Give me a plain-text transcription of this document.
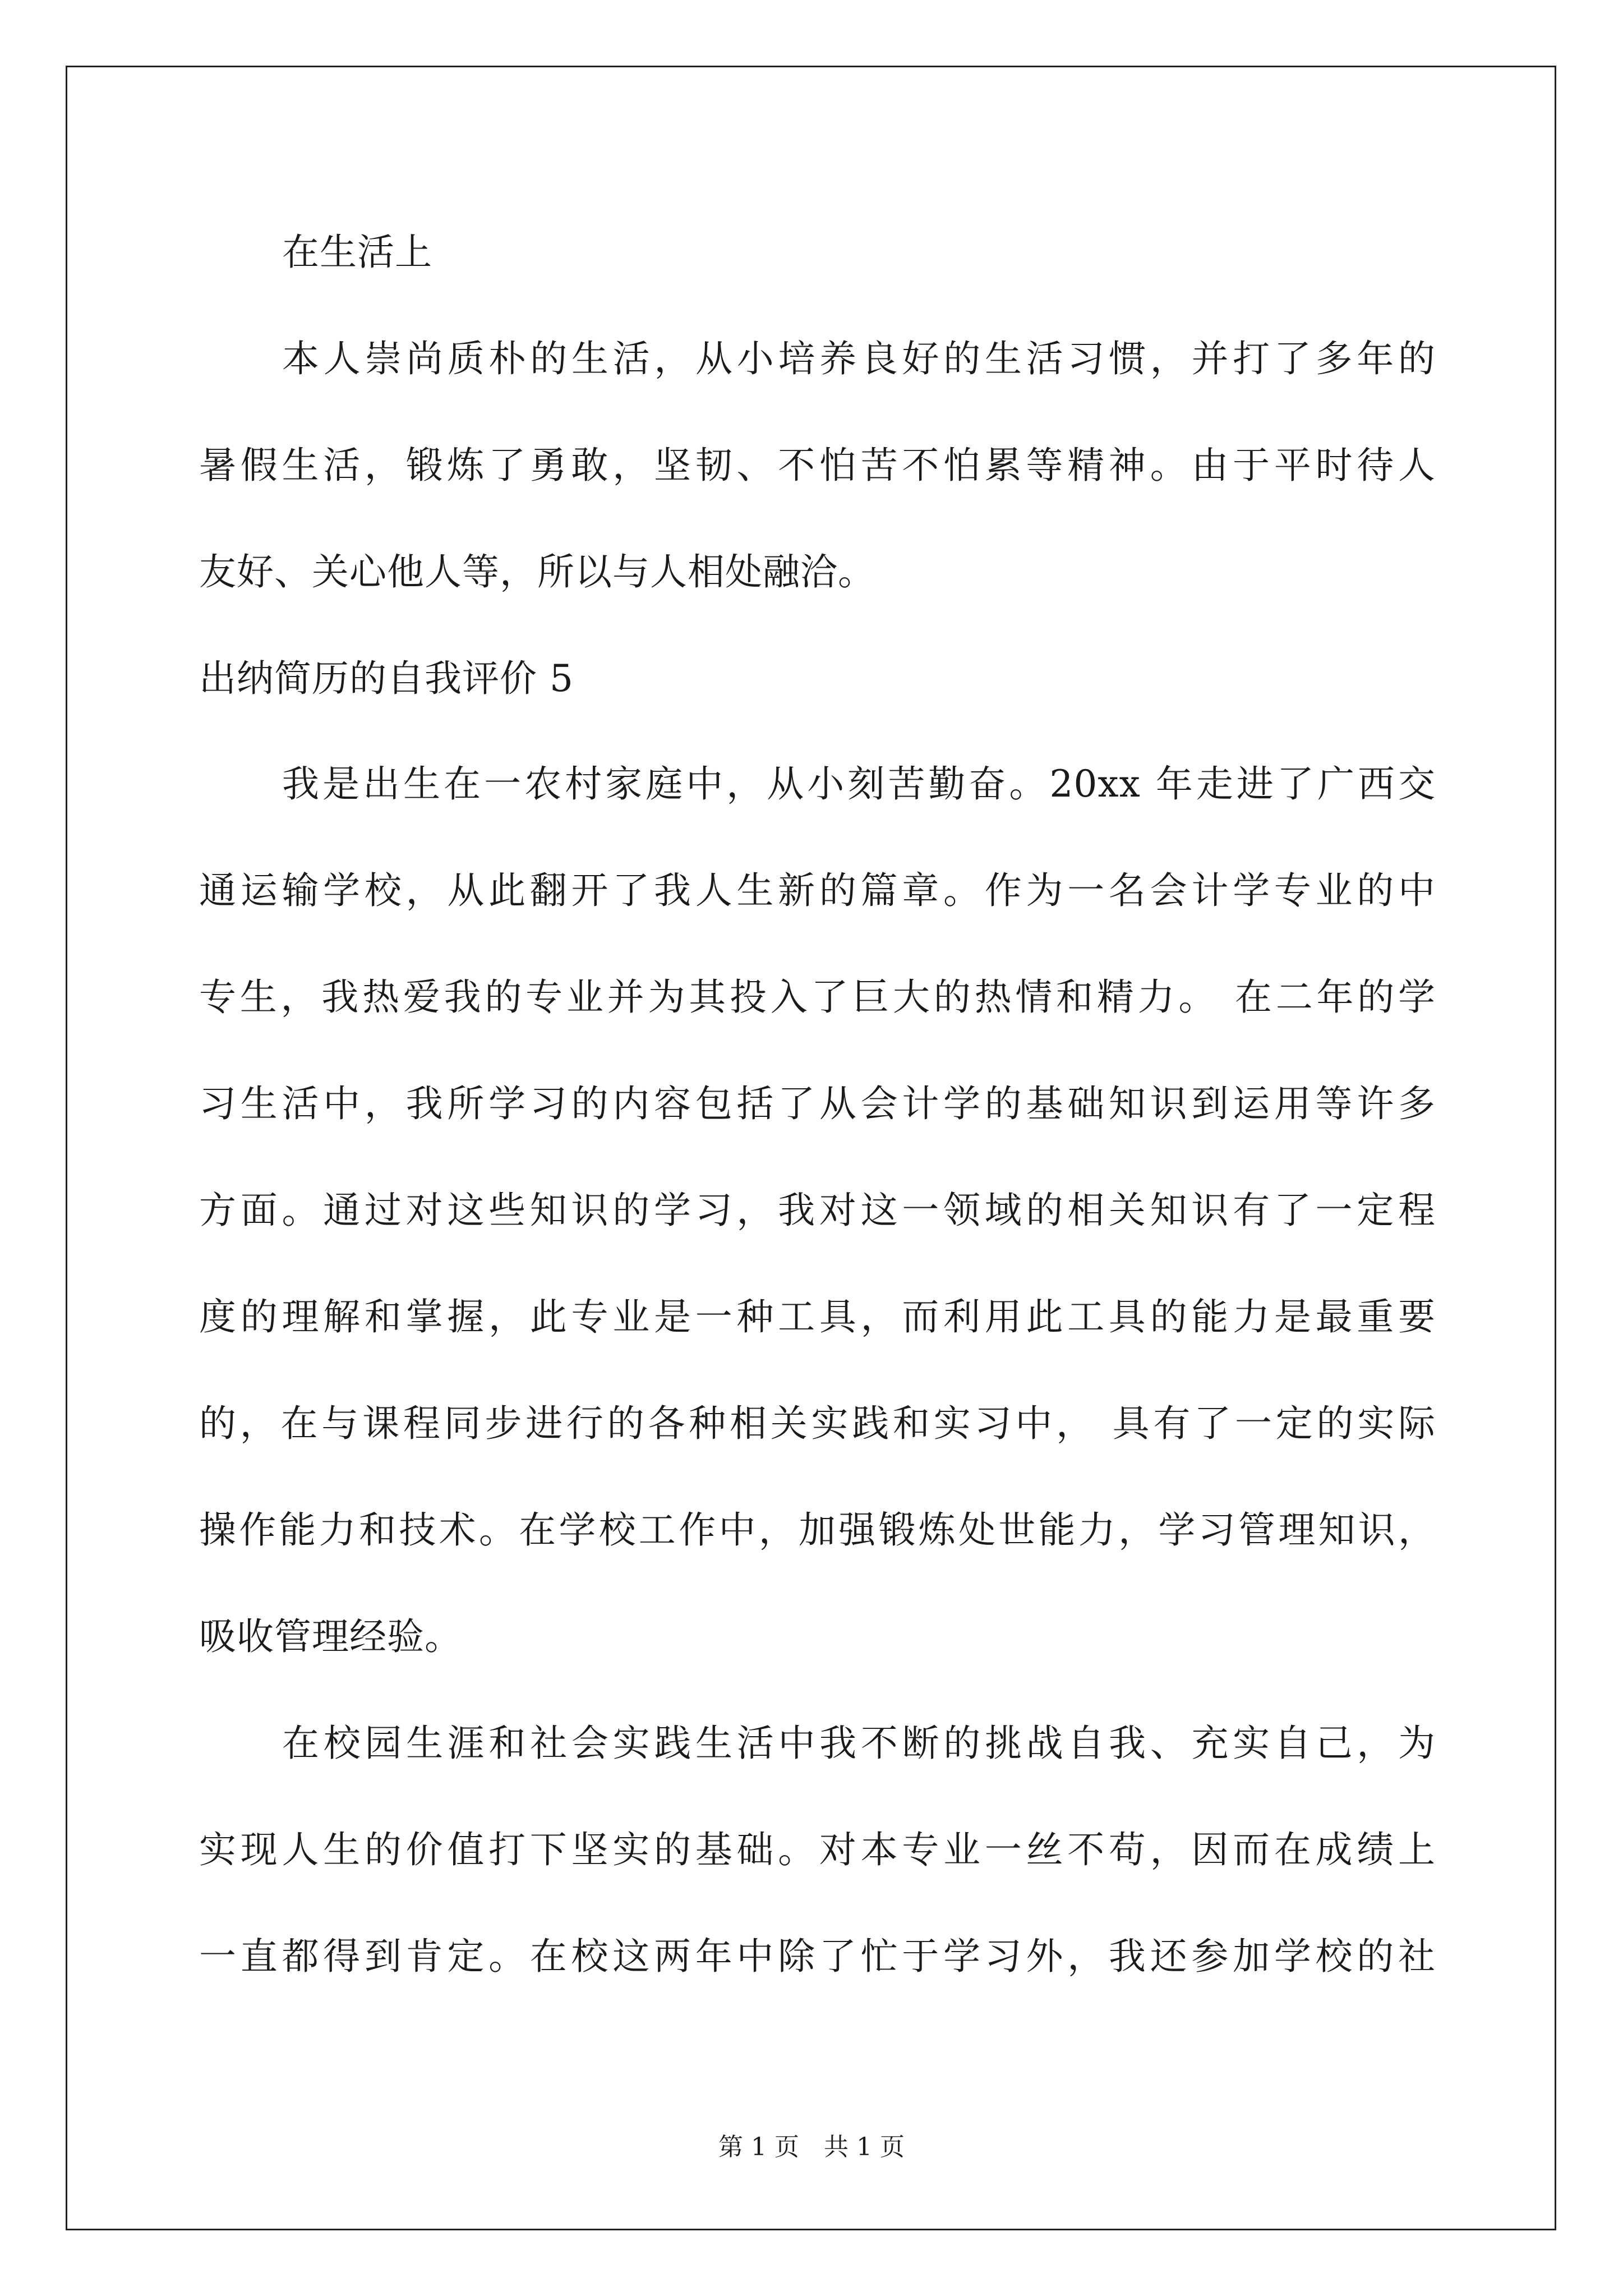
在生活上
本人崇尚质朴的生活，从小培养良好的生活习惯，并打了多年的
暑假生活，锻炼了勇敢，坚韧、不怕苦不怕累等精神。由于平时待人
友好、关心他人等，所以与人相处融洽。
出纳简历的自我评价 5
我是出生在一农村家庭中，从小刻苦勤奋。20xx 年走进了广西交
通运输学校，从此翻开了我人生新的篇章。作为一名会计学专业的中
专生，我热爱我的专业并为其投入了巨大的热情和精力。 在二年的学
习生活中，我所学习的内容包括了从会计学的基础知识到运用等许多
方面。通过对这些知识的学习，我对这一领域的相关知识有了一定程
度的理解和掌握，此专业是一种工具，而利用此工具的能力是最重要
的，在与课程同步进行的各种相关实践和实习中， 具有了一定的实际
操作能力和技术。在学校工作中，加强锻炼处世能力，学习管理知识，
吸收管理经验。
在校园生涯和社会实践生活中我不断的挑战自我、充实自己，为
实现人生的价值打下坚实的基础。对本专业一丝不苟，因而在成绩上
一直都得到肯定。在校这两年中除了忙于学习外，我还参加学校的社
第 1 页　共 1 页
